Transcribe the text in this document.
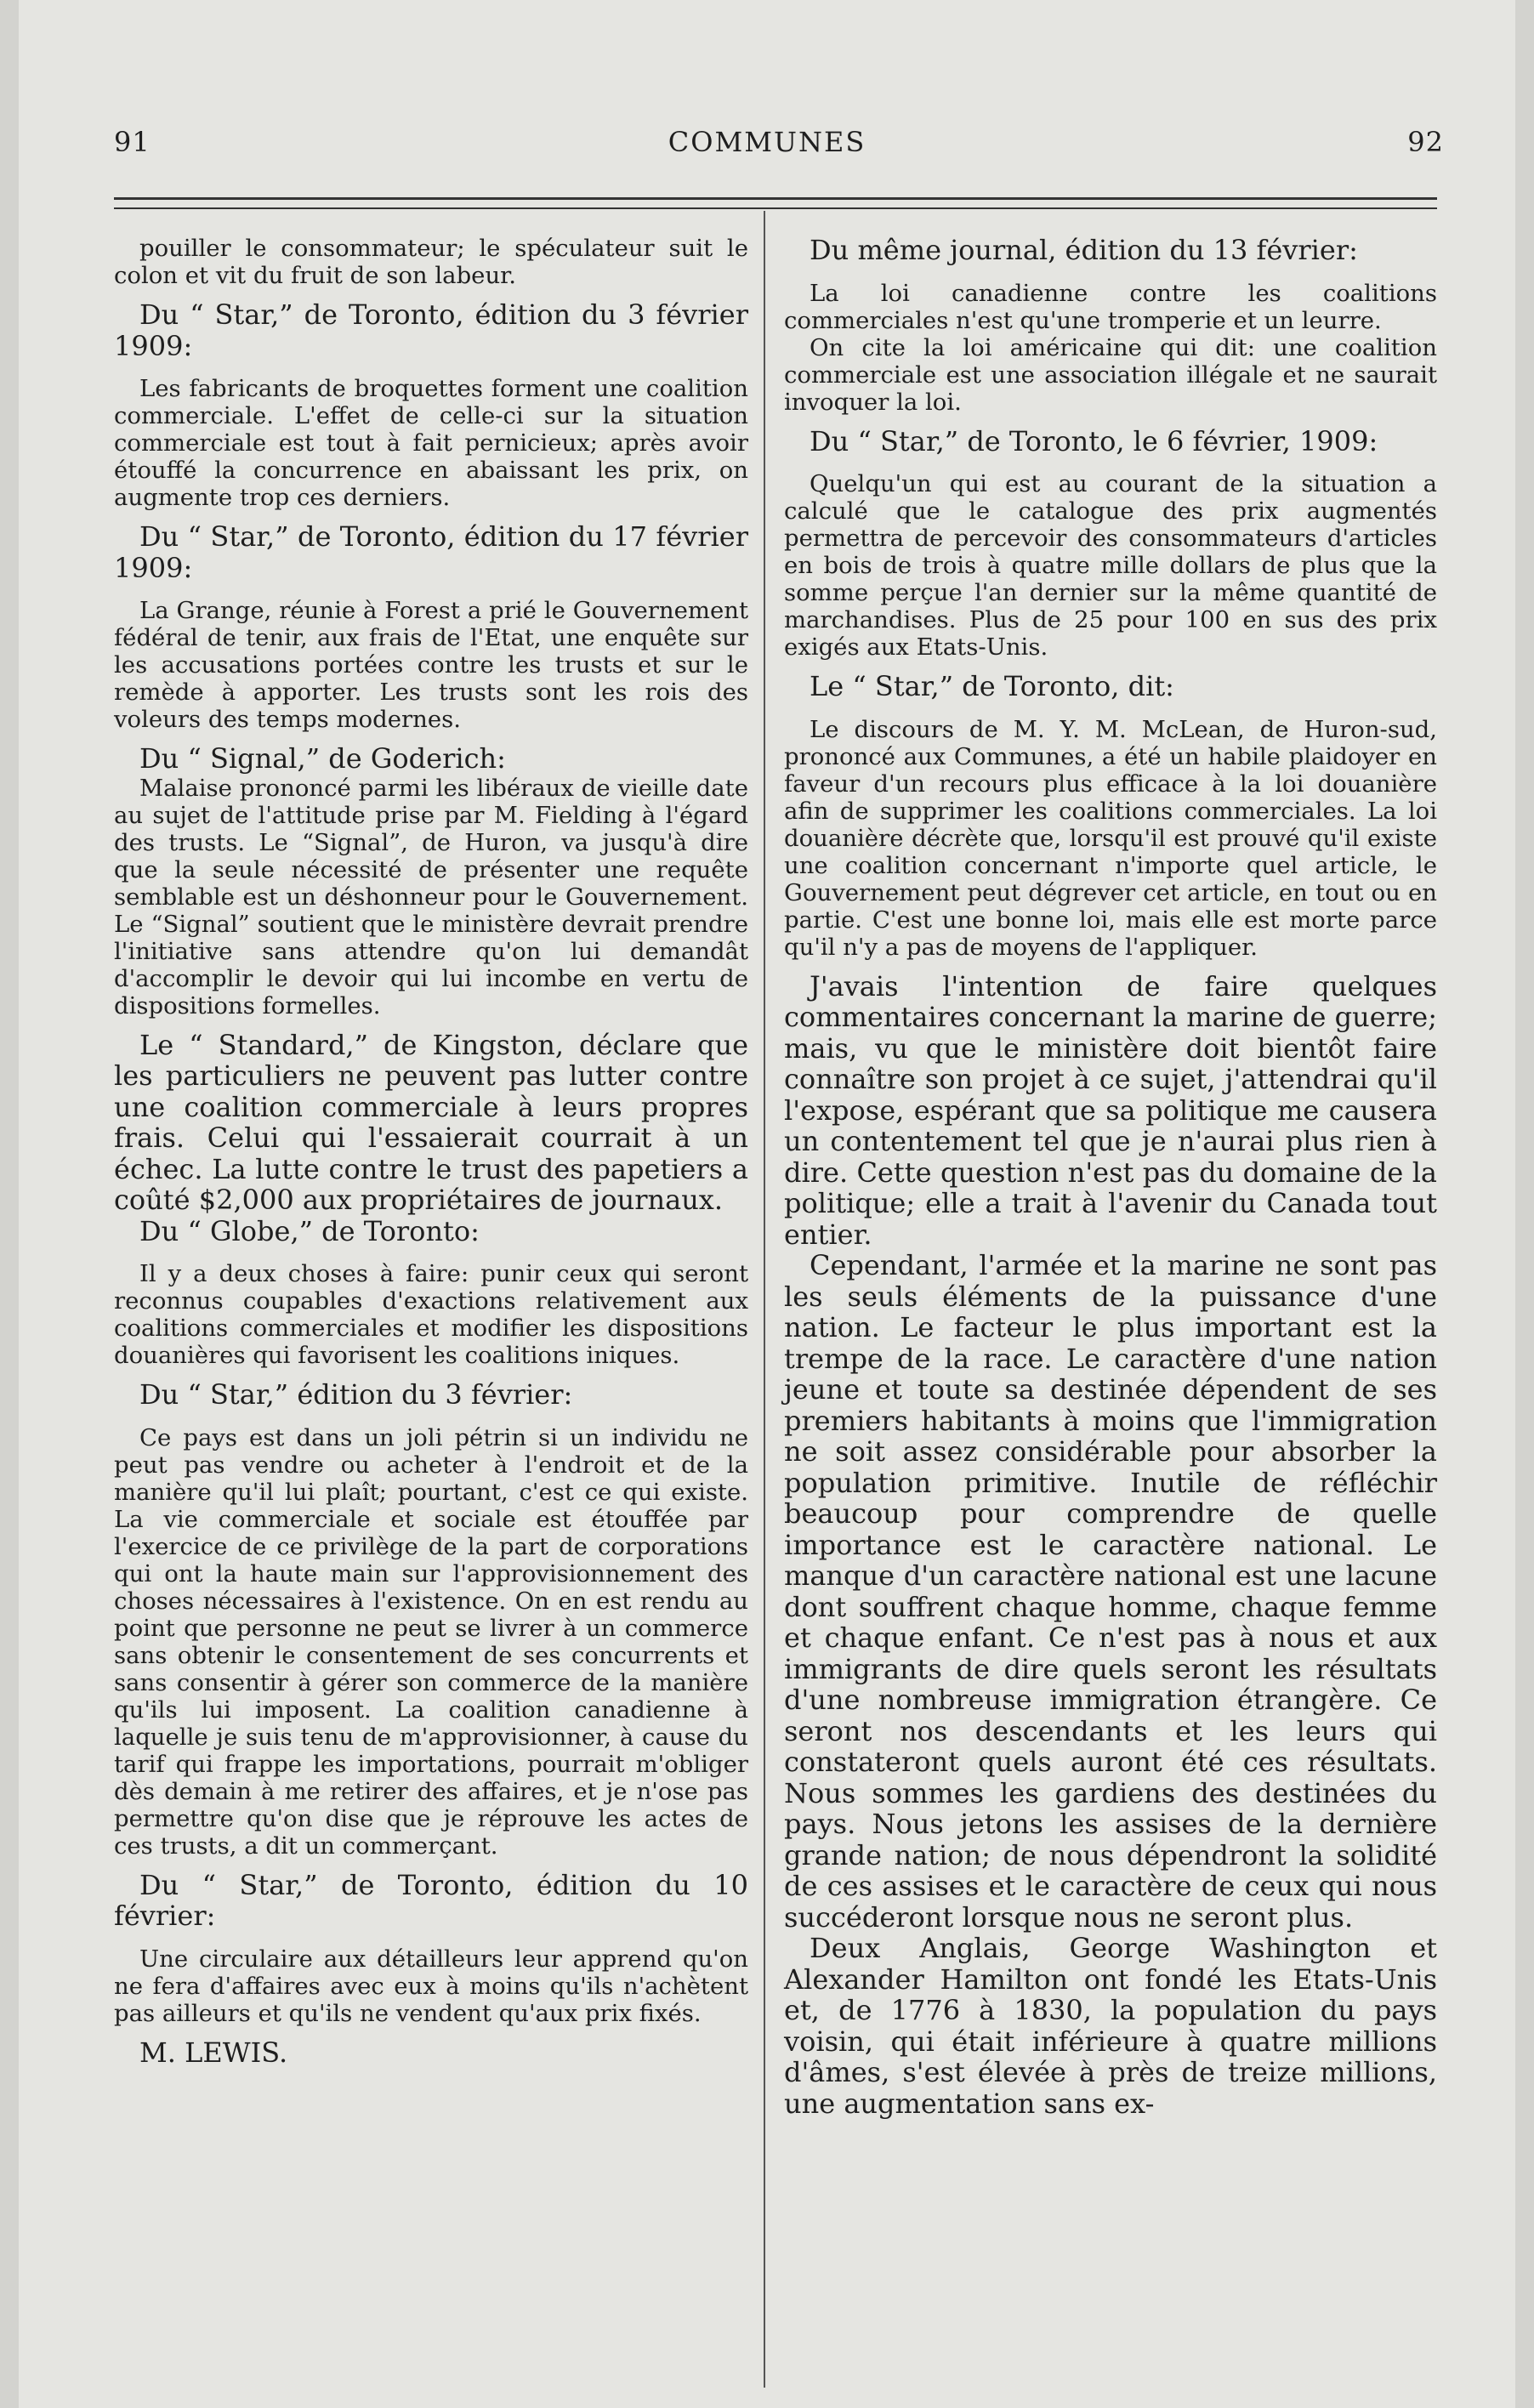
91	COMMUNES	92

pouiller le consommateur; le spéculateur suit le colon et vit du fruit de son labeur.

Du “ Star,” de Toronto, édition du 3 février 1909:

Les fabricants de broquettes forment une coalition commerciale. L'effet de celle-ci sur la situation commerciale est tout à fait pernicieux; après avoir étouffé la concurrence en abaissant les prix, on augmente trop ces derniers.

Du “ Star,” de Toronto, édition du 17 février 1909:

La Grange, réunie à Forest a prié le Gouvernement fédéral de tenir, aux frais de l'Etat, une enquête sur les accusations portées contre les trusts et sur le remède à apporter. Les trusts sont les rois des voleurs des temps modernes.

Du “ Signal,” de Goderich:

Malaise prononcé parmi les libéraux de vieille date au sujet de l'attitude prise par M. Fielding à l'égard des trusts. Le “Signal”, de Huron, va jusqu'à dire que la seule nécessité de présenter une requête semblable est un déshonneur pour le Gouvernement. Le “Signal” soutient que le ministère devrait prendre l'initiative sans attendre qu'on lui demandât d'accomplir le devoir qui lui incombe en vertu de dispositions formelles.

Le “ Standard,” de Kingston, déclare que les particuliers ne peuvent pas lutter contre une coalition commerciale à leurs propres frais. Celui qui l'essaierait courrait à un échec. La lutte contre le trust des papetiers a coûté $2,000 aux propriétaires de journaux.

Du “ Globe,” de Toronto:

Il y a deux choses à faire: punir ceux qui seront reconnus coupables d'exactions relativement aux coalitions commerciales et modifier les dispositions douanières qui favorisent les coalitions iniques.

Du “ Star,” édition du 3 février:

Ce pays est dans un joli pétrin si un individu ne peut pas vendre ou acheter à l'endroit et de la manière qu'il lui plaît; pourtant, c'est ce qui existe. La vie commerciale et sociale est étouffée par l'exercice de ce privilège de la part de corporations qui ont la haute main sur l'approvisionnement des choses nécessaires à l'existence. On en est rendu au point que personne ne peut se livrer à un commerce sans obtenir le consentement de ses concurrents et sans consentir à gérer son commerce de la manière qu'ils lui imposent. La coalition canadienne à laquelle je suis tenu de m'approvisionner, à cause du tarif qui frappe les importations, pourrait m'obliger dès demain à me retirer des affaires, et je n'ose pas permettre qu'on dise que je réprouve les actes de ces trusts, a dit un commerçant.

Du “ Star,” de Toronto, édition du 10 février:

Une circulaire aux détailleurs leur apprend qu'on ne fera d'affaires avec eux à moins qu'ils n'achètent pas ailleurs et qu'ils ne vendent qu'aux prix fixés.

M. LEWIS.

Du même journal, édition du 13 février:

La loi canadienne contre les coalitions commerciales n'est qu'une tromperie et un leurre.

On cite la loi américaine qui dit: une coalition commerciale est une association illégale et ne saurait invoquer la loi.

Du “ Star,” de Toronto, le 6 février, 1909:

Quelqu'un qui est au courant de la situation a calculé que le catalogue des prix augmentés permettra de percevoir des consommateurs d'articles en bois de trois à quatre mille dollars de plus que la somme perçue l'an dernier sur la même quantité de marchandises. Plus de 25 pour 100 en sus des prix exigés aux Etats-Unis.

Le “ Star,” de Toronto, dit:

Le discours de M. Y. M. McLean, de Huron-sud, prononcé aux Communes, a été un habile plaidoyer en faveur d'un recours plus efficace à la loi douanière afin de supprimer les coalitions commerciales. La loi douanière décrète que, lorsqu'il est prouvé qu'il existe une coalition concernant n'importe quel article, le Gouvernement peut dégrever cet article, en tout ou en partie. C'est une bonne loi, mais elle est morte parce qu'il n'y a pas de moyens de l'appliquer.

J'avais l'intention de faire quelques commentaires concernant la marine de guerre; mais, vu que le ministère doit bientôt faire connaître son projet à ce sujet, j'attendrai qu'il l'expose, espérant que sa politique me causera un contentement tel que je n'aurai plus rien à dire. Cette question n'est pas du domaine de la politique; elle a trait à l'avenir du Canada tout entier.

Cependant, l'armée et la marine ne sont pas les seuls éléments de la puissance d'une nation. Le facteur le plus important est la trempe de la race. Le caractère d'une nation jeune et toute sa destinée dépendent de ses premiers habitants à moins que l'immigration ne soit assez considérable pour absorber la population primitive. Inutile de réfléchir beaucoup pour comprendre de quelle importance est le caractère national. Le manque d'un caractère national est une lacune dont souffrent chaque homme, chaque femme et chaque enfant. Ce n'est pas à nous et aux immigrants de dire quels seront les résultats d'une nombreuse immigration étrangère. Ce seront nos descendants et les leurs qui constateront quels auront été ces résultats. Nous sommes les gardiens des destinées du pays. Nous jetons les assises de la dernière grande nation; de nous dépendront la solidité de ces assises et le caractère de ceux qui nous succéderont lorsque nous ne seront plus.

Deux Anglais, George Washington et Alexander Hamilton ont fondé les Etats-Unis et, de 1776 à 1830, la population du pays voisin, qui était inférieure à quatre millions d'âmes, s'est élevée à près de treize millions, une augmentation sans ex-
